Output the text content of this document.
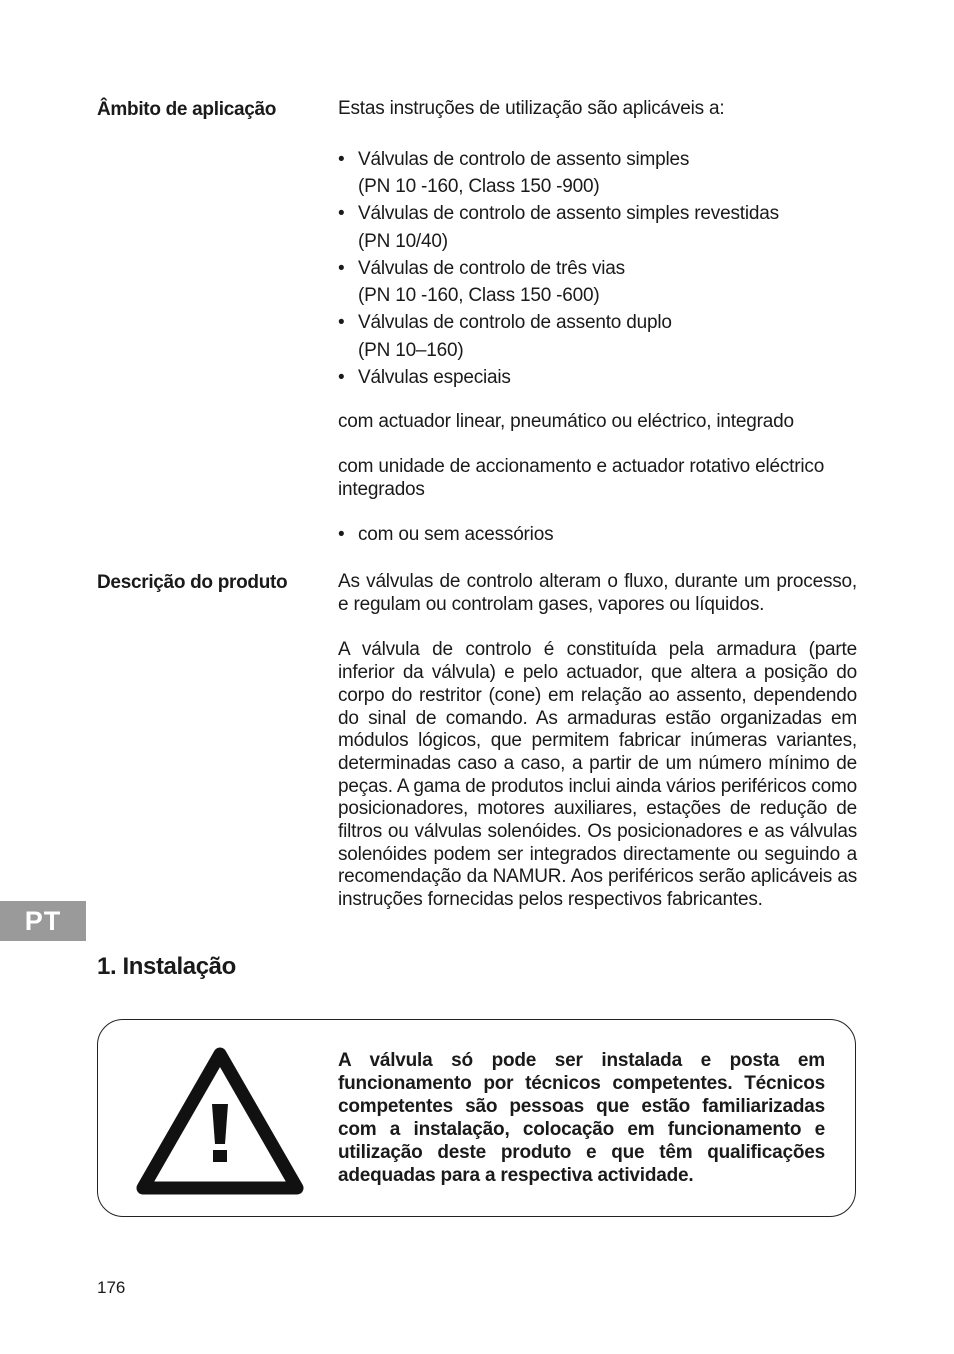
Âmbito de aplicação	Estas instruções de utilização são aplicáveis a:

• Válvulas de controlo de assento simples
(PN 10 -160, Class 150 -900)
• Válvulas de controlo de assento simples revestidas
(PN 10/40)
• Válvulas de controlo de três vias
(PN 10 -160, Class 150 -600)
• Válvulas de controlo de assento duplo
(PN 10–160)
• Válvulas especiais

com actuador linear, pneumático ou eléctrico, integrado

com unidade de accionamento e actuador rotativo eléctrico integrados

• com ou sem acessórios
Descrição do produto	As válvulas de controlo alteram o fluxo, durante um processo, e regulam ou controlam gases, vapores ou líquidos.

A válvula de controlo é constituída pela armadura (parte inferior da válvula) e pelo actuador, que altera a posição do corpo do restritor (cone) em relação ao assento, dependendo do sinal de comando. As armaduras estão organizadas em módulos lógicos, que permitem fabricar inúmeras variantes, determinadas caso a caso, a partir de um número mínimo de peças. A gama de produtos inclui ainda vários periféricos como posicionadores, motores auxiliares, estações de redução de filtros ou válvulas solenóides. Os posicionadores e as válvulas solenóides podem ser integrados directamente ou seguindo a recomendação da NAMUR. Aos periféricos serão aplicáveis as instruções fornecidas pelos respectivos fabricantes.

PT
1. Instalação
A válvula só pode ser instalada e posta em funcionamento por técnicos competentes. Técnicos competentes são pessoas que estão familiarizadas com a instalação, colocação em funcionamento e utilização deste produto e que têm qualificações adequadas para a respectiva actividade.
176
